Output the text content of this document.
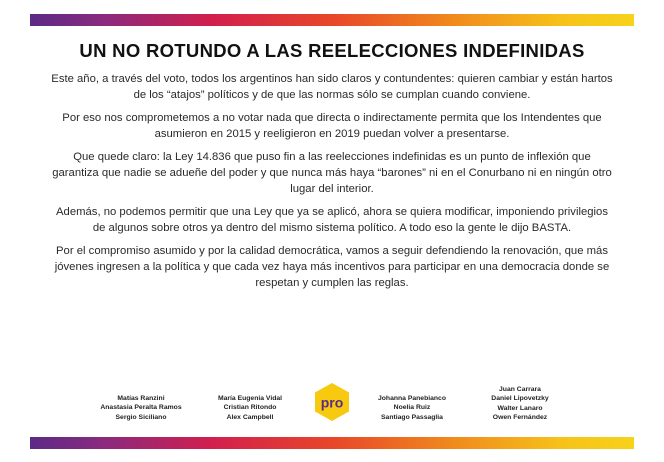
UN NO ROTUNDO A LAS REELECCIONES INDEFINIDAS

Este año, a través del voto, todos los argentinos han sido claros y contundentes: quieren cambiar y están hartos de los “atajos” políticos y de que las normas sólo se cumplan cuando conviene.

Por eso nos comprometemos a no votar nada que directa o indirectamente permita que los Intendentes que asumieron en 2015 y reeligieron en 2019 puedan volver a presentarse.

Que quede claro: la Ley 14.836 que puso fin a las reelecciones indefinidas es un punto de inflexión que garantiza que nadie se adueñe del poder y que nunca más haya “barones” ni en el Conurbano ni en ningún otro lugar del interior.

Además, no podemos permitir que una Ley que ya se aplicó, ahora se quiera modificar, imponiendo privilegios de algunos sobre otros ya dentro del mismo sistema político. A todo eso la gente le dijo BASTA.

Por el compromiso asumido y por la calidad democrática, vamos a seguir defendiendo la renovación, que más jóvenes ingresen a la política y que cada vez haya más incentivos para participar en una democracia donde se respetan y cumplen las reglas.

Matías Ranzini
Anastasia Peralta Ramos
Sergio Siciliano
María Eugenia Vidal
Cristian Ritondo
Alex Campbell
Johanna Panebianco
Noelia Ruiz
Santiago Passaglia
Juan Carrara
Daniel Lipovetzky
Walter Lanaro
Owen Fernández
pro
